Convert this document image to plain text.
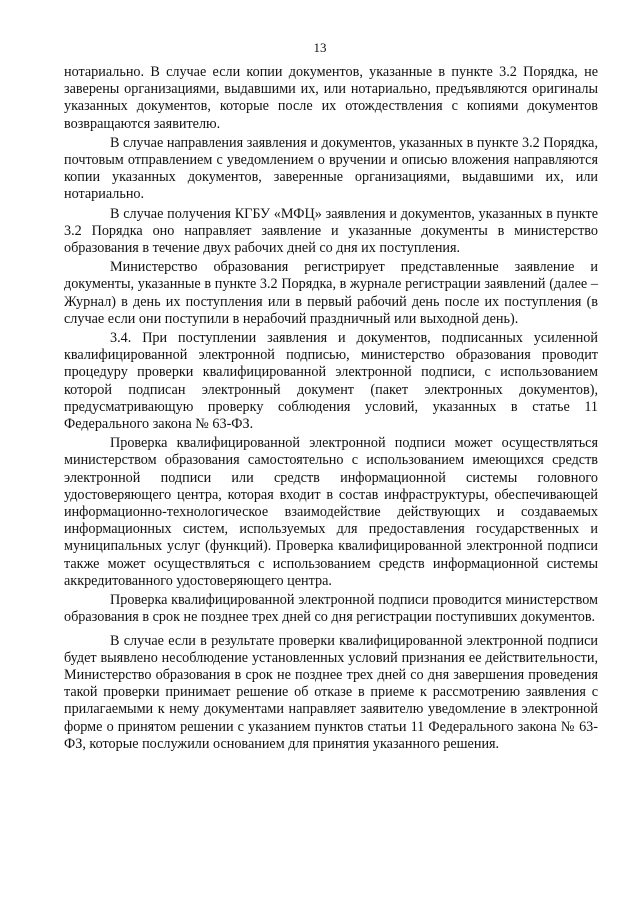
13

нотариально. В случае если копии документов, указанные в пункте 3.2 Порядка, не заверены организациями, выдавшими их, или нотариально, предъявляются оригиналы указанных документов, которые после их отождествления с копиями документов возвращаются заявителю.

В случае направления заявления и документов, указанных в пункте 3.2 Порядка, почтовым отправлением с уведомлением о вручении и описью вложения направляются копии указанных документов, заверенные организациями, выдавшими их, или нотариально.

В случае получения КГБУ «МФЦ» заявления и документов, указанных в пункте 3.2 Порядка оно направляет заявление и указанные документы в министерство образования в течение двух рабочих дней со дня их поступления.

Министерство образования регистрирует представленные заявление и документы, указанные в пункте 3.2 Порядка, в журнале регистрации заявлений (далее – Журнал) в день их поступления или в первый рабочий день после их поступления (в случае если они поступили в нерабочий праздничный или выходной день).

3.4. При поступлении заявления и документов, подписанных усиленной квалифицированной электронной подписью, министерство образования проводит процедуру проверки квалифицированной электронной подписи, с использованием которой подписан электронный документ (пакет электронных документов), предусматривающую проверку соблюдения условий, указанных в статье 11 Федерального закона № 63-ФЗ.

Проверка квалифицированной электронной подписи может осуществляться министерством образования самостоятельно с использованием имеющихся средств электронной подписи или средств информационной системы головного удостоверяющего центра, которая входит в состав инфраструктуры, обеспечивающей информационно-технологическое взаимодействие действующих и создаваемых информационных систем, используемых для предоставления государственных и муниципальных услуг (функций). Проверка квалифицированной электронной подписи также может осуществляться с использованием средств информационной системы аккредитованного удостоверяющего центра.

Проверка квалифицированной электронной подписи проводится министерством образования в срок не позднее трех дней со дня регистрации поступивших документов.

В случае если в результате проверки квалифицированной электронной подписи будет выявлено несоблюдение установленных условий признания ее действительности, Министерство образования в срок не позднее трех дней со дня завершения проведения такой проверки принимает решение об отказе в приеме к рассмотрению заявления с прилагаемыми к нему документами направляет заявителю уведомление в электронной форме о принятом решении с указанием пунктов статьи 11 Федерального закона № 63-ФЗ, которые послужили основанием для принятия указанного решения.
